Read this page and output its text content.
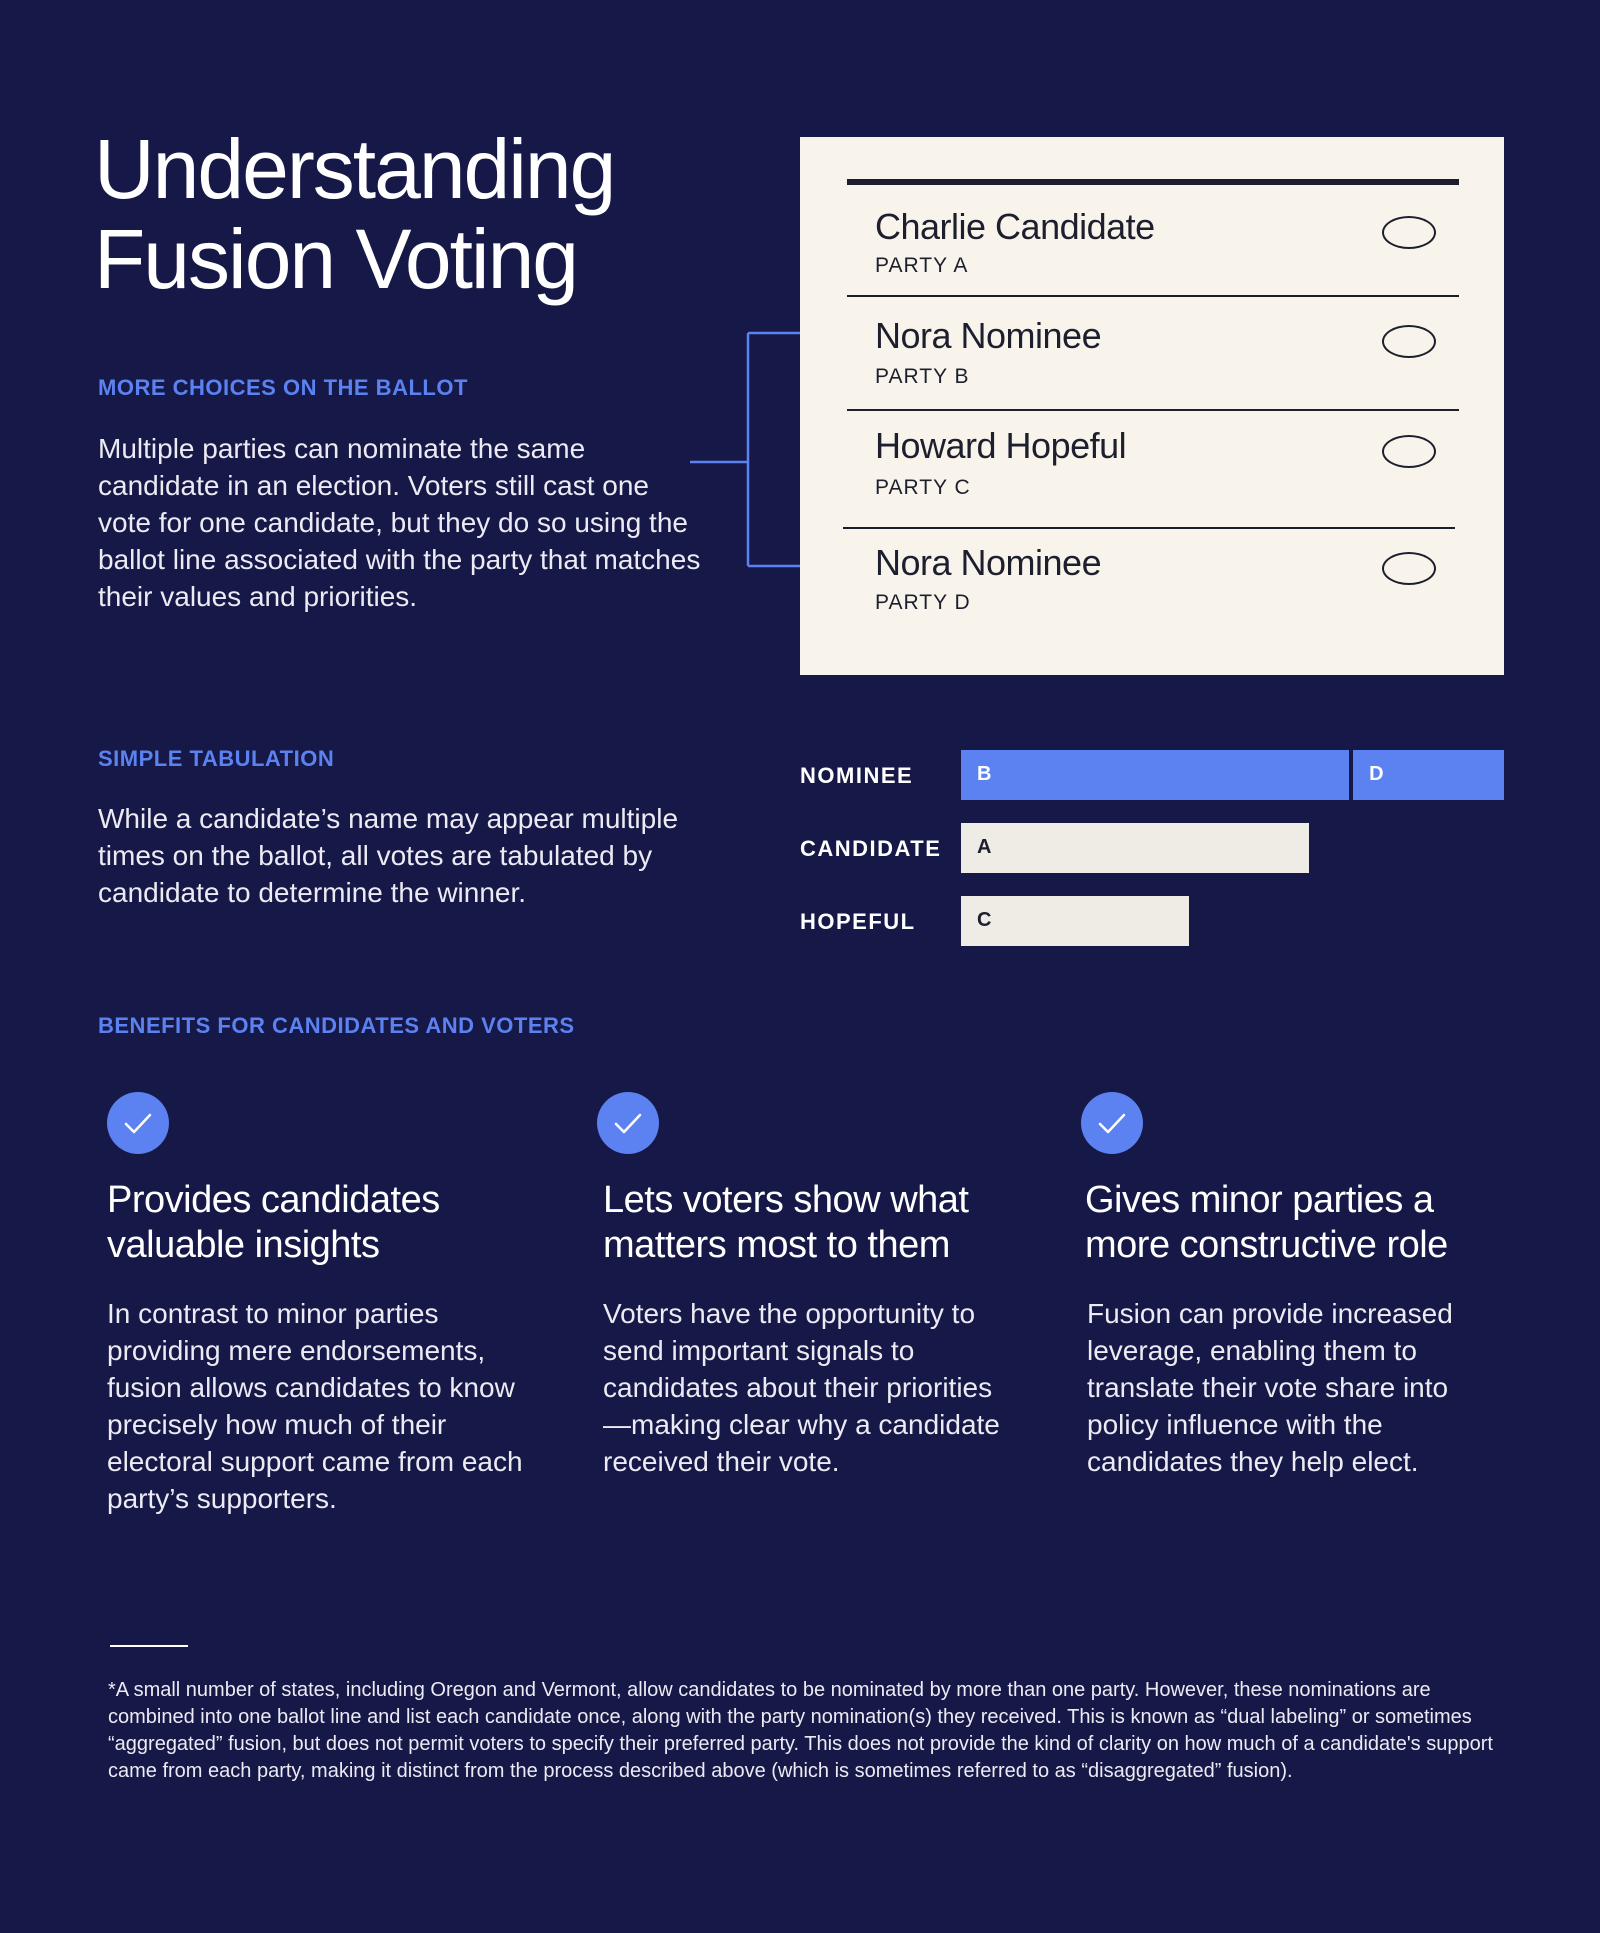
Understanding Fusion Voting
MORE CHOICES ON THE BALLOT

Multiple parties can nominate the same candidate in an election. Voters still cast one vote for one candidate, but they do so using the ballot line associated with the party that matches their values and priorities.

Charlie Candidate
PARTY A
Nora Nominee
PARTY B
Howard Hopeful
PARTY C
Nora Nominee
PARTY D
SIMPLE TABULATION

While a candidate’s name may appear multiple times on the ballot, all votes are tabulated by candidate to determine the winner.

NOMINEE
CANDIDATE
HOPEFUL
B	D
A
C
BENEFITS FOR CANDIDATES AND VOTERS
Provides candidates valuable insights

In contrast to minor parties providing mere endorsements, fusion allows candidates to know precisely how much of their electoral support came from each party’s supporters.

Lets voters show what matters most to them

Voters have the opportunity to send important signals to candidates about their priorities—making clear why a candidate received their vote.

Gives minor parties a more constructive role

Fusion can provide increased leverage, enabling them to translate their vote share into policy influence with the candidates they help elect.

*A small number of states, including Oregon and Vermont, allow candidates to be nominated by more than one party. However, these nominations are combined into one ballot line and list each candidate once, along with the party nomination(s) they received. This is known as “dual labeling” or sometimes “aggregated” fusion, but does not permit voters to specify their preferred party. This does not provide the kind of clarity on how much of a candidate's support came from each party, making it distinct from the process described above (which is sometimes referred to as “disaggregated” fusion).
